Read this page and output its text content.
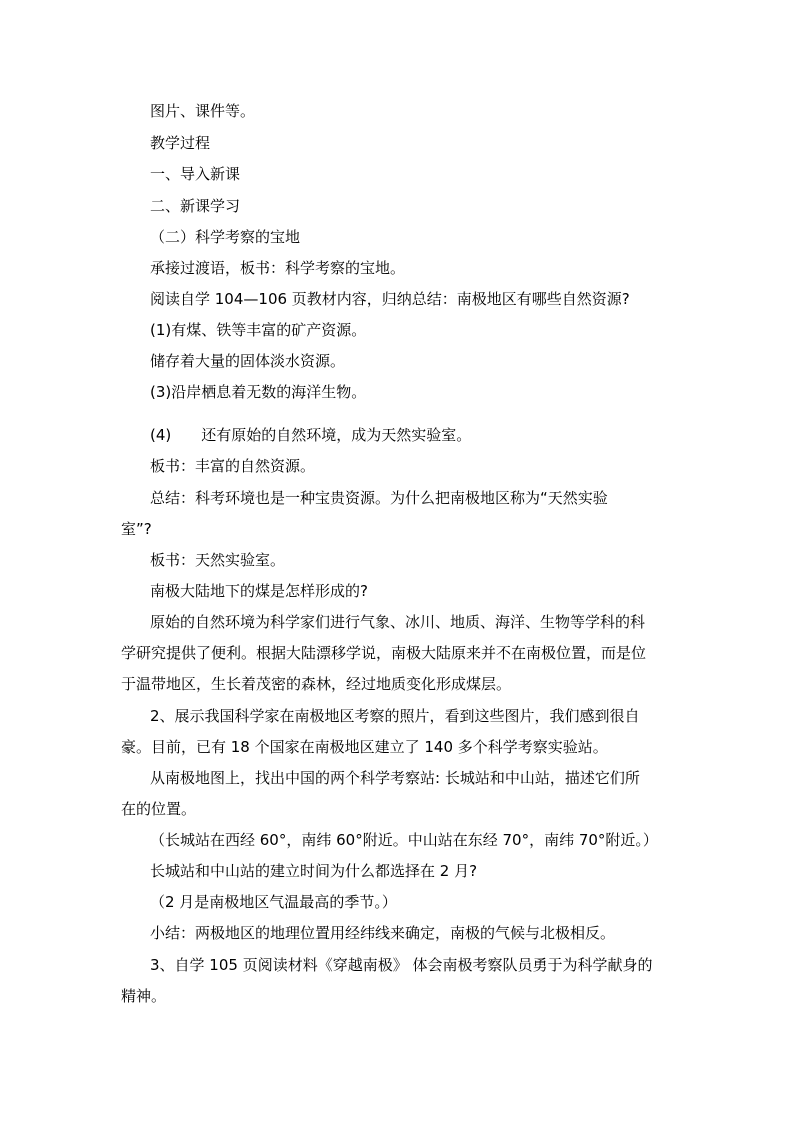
图片、课件等。

教学过程

一、导入新课

二、新课学习

（二）科学考察的宝地

承接过渡语，板书：科学考察的宝地。

阅读自学 104—106 页教材内容，归纳总结：南极地区有哪些自然资源?

(1)有煤、铁等丰富的矿产资源。

储存着大量的固体淡水资源。

(3)沿岸栖息着无数的海洋生物。

(4)　　还有原始的自然环境，成为天然实验室。

板书：丰富的自然资源。

总结：科考环境也是一种宝贵资源。为什么把南极地区称为“天然实验

室”?

板书：天然实验室。

南极大陆地下的煤是怎样形成的?

原始的自然环境为科学家们进行气象、冰川、地质、海洋、生物等学科的科

学研究提供了便利。根据大陆漂移学说，南极大陆原来并不在南极位置，而是位

于温带地区，生长着茂密的森林，经过地质变化形成煤层。

2、展示我国科学家在南极地区考察的照片，看到这些图片，我们感到很自

豪。目前，已有 18 个国家在南极地区建立了 140 多个科学考察实验站。

从南极地图上，找出中国的两个科学考察站: 长城站和中山站，描述它们所

在的位置。

（长城站在西经 60°，南纬 60°附近。中山站在东经 70°，南纬 70°附近。）

长城站和中山站的建立时间为什么都选择在 2 月?

（2 月是南极地区气温最高的季节。）

小结：两极地区的地理位置用经纬线来确定，南极的气候与北极相反。

3、自学 105 页阅读材料《穿越南极》 体会南极考察队员勇于为科学献身的

精神。
